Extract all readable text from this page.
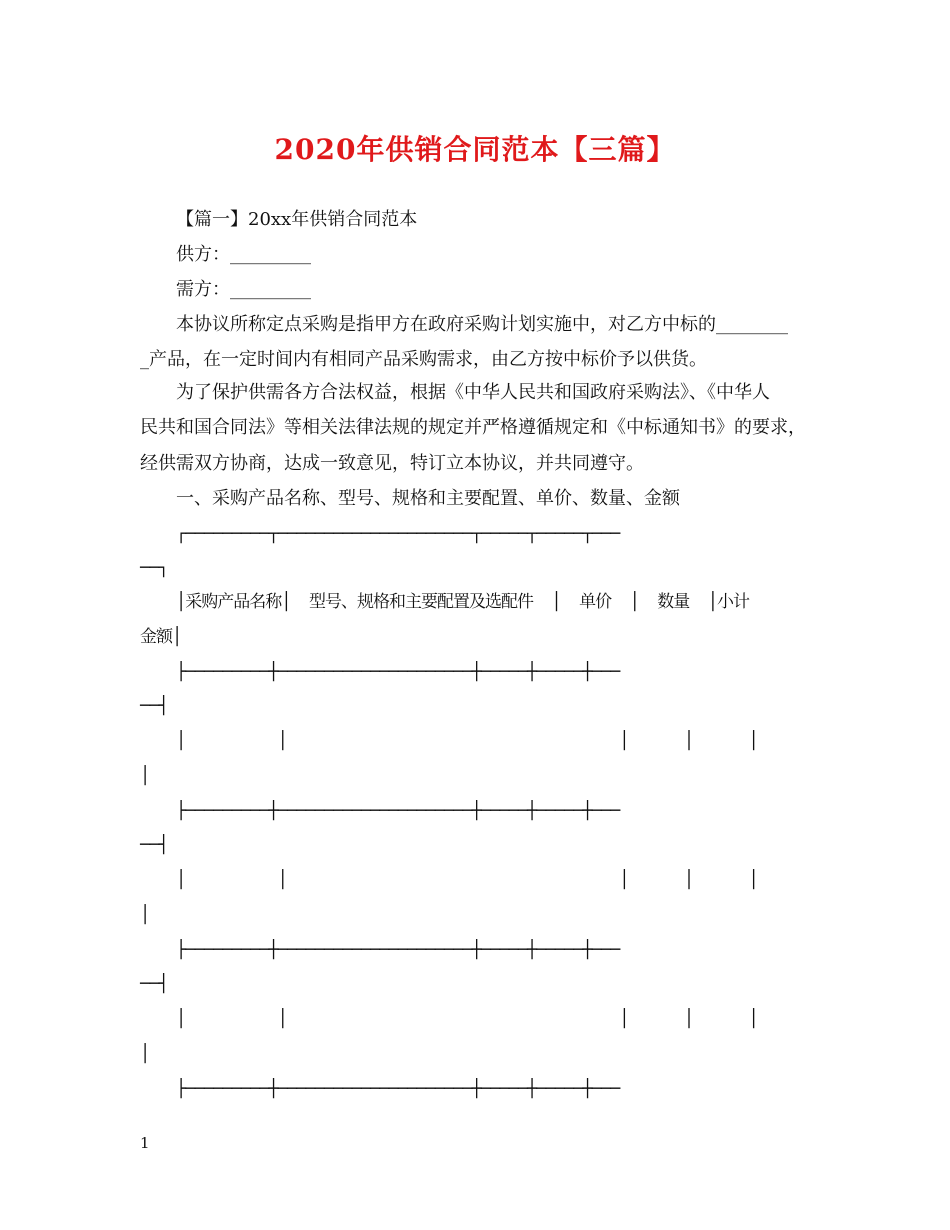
2020年供销合同范本【三篇】
【篇一】20xx年供销合同范本
供方：_________
需方：_________
本协议所称定点采购是指甲方在政府采购计划实施中，对乙方中标的________
_产品，在一定时间内有相同产品采购需求，由乙方按中标价予以供货。
为了保护供需各方合法权益，根据《中华人民共和国政府采购法》、《中华人
民共和国合同法》等相关法律法规的规定并严格遵循规定和《中标通知书》的要求，
经供需双方协商，达成一致意见，特订立本协议，并共同遵守。
一、采购产品名称、型号、规格和主要配置、单价、数量、金额
┌─────────┬─────────────────────┬─────┬─────┬───
──┐
│采购产品名称│  型号、规格和主要配置及选配件  │  单价  │  数量  │小计
金额│
├─────────┼─────────────────────┼─────┼─────┼───
──┤
│          │                                    │      │      │
│
├─────────┼─────────────────────┼─────┼─────┼───
──┤
│          │                                    │      │      │
│
├─────────┼─────────────────────┼─────┼─────┼───
──┤
│          │                                    │      │      │
│
├─────────┼─────────────────────┼─────┼─────┼───
1
